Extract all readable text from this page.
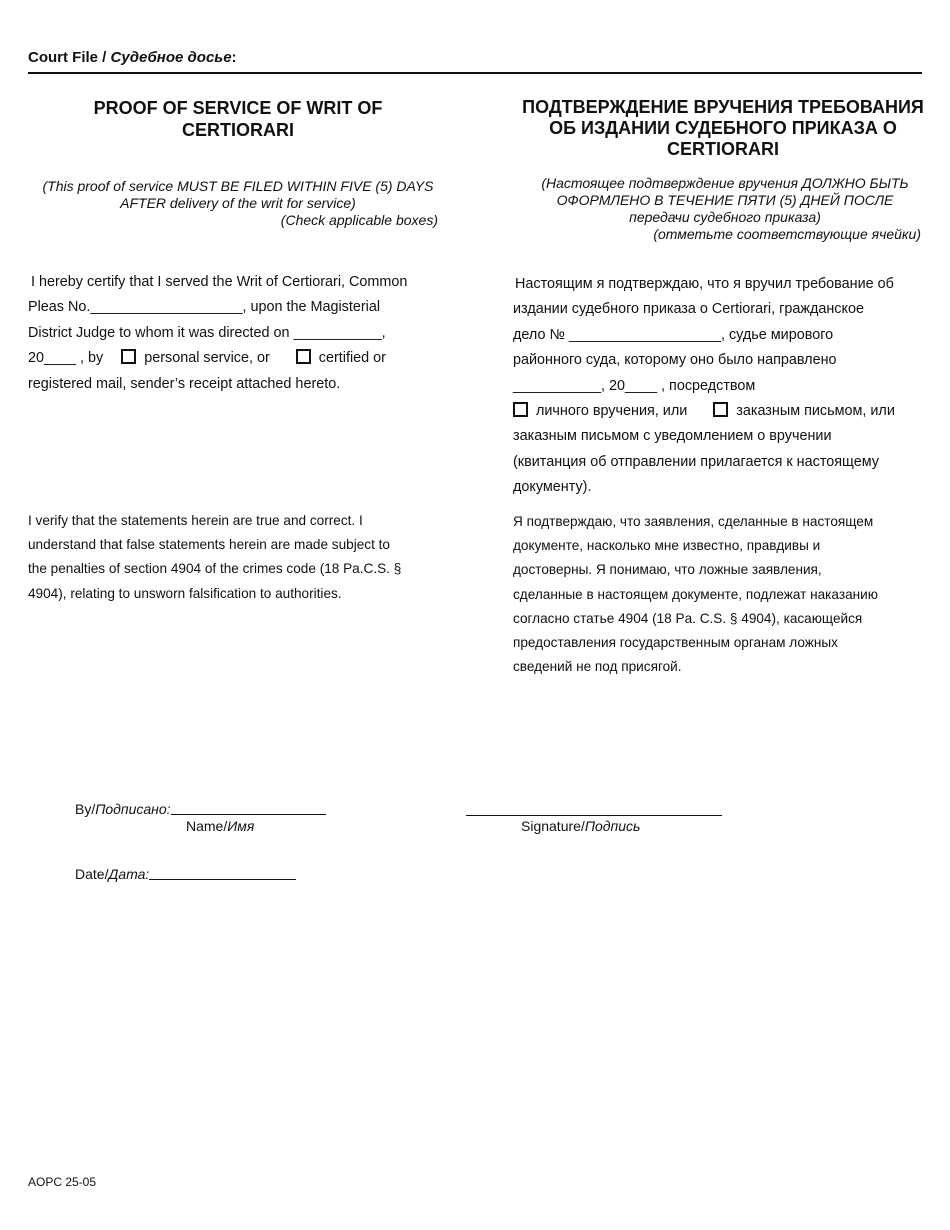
Court File / Судебное досье:
PROOF OF SERVICE OF WRIT OF
CERTIORARI
ПОДТВЕРЖДЕНИЕ ВРУЧЕНИЯ ТРЕБОВАНИЯ
ОБ ИЗДАНИИ СУДЕБНОГО ПРИКАЗА О
CERTIORARI
(This proof of service MUST BE FILED WITHIN FIVE (5) DAYS
AFTER delivery of the writ for service)
(Check applicable boxes)
(Настоящее подтверждение вручения ДОЛЖНО БЫТЬ
ОФОРМЛЕНО В ТЕЧЕНИЕ ПЯТИ (5) ДНЕЙ ПОСЛЕ
передачи судебного приказа)
(отметьте соответствующие ячейки)
I hereby certify that I served the Writ of Certiorari, Common
Pleas No.___________________, upon the Magisterial
District Judge to whom it was directed on ___________,
20____ , by	personal service, or	certified or
registered mail, sender’s receipt attached hereto.
Настоящим я подтверждаю, что я вручил требование об
издании судебного приказа о Certiorari, гражданское
дело № ___________________, судье мирового
районного суда, которому оно было направлено
___________, 20____ , посредством
личного вручения, или	заказным письмом, или
заказным письмом с уведомлением о вручении
(квитанция об отправлении прилагается к настоящему
документу).
I verify that the statements herein are true and correct. I
understand that false statements herein are made subject to
the penalties of section 4904 of the crimes code (18 Pa.C.S. §
4904), relating to unsworn falsification to authorities.
Я подтверждаю, что заявления, сделанные в настоящем
документе, насколько мне известно, правдивы и
достоверны. Я понимаю, что ложные заявления,
сделанные в настоящем документе, подлежат наказанию
согласно статье 4904 (18 Pa. C.S. § 4904), касающейся
предоставления государственным органам ложных
сведений не под присягой.
By/Подписано:
Name/Имя	Signature/Подпись
Date/Дата:
AOPC 25-05
